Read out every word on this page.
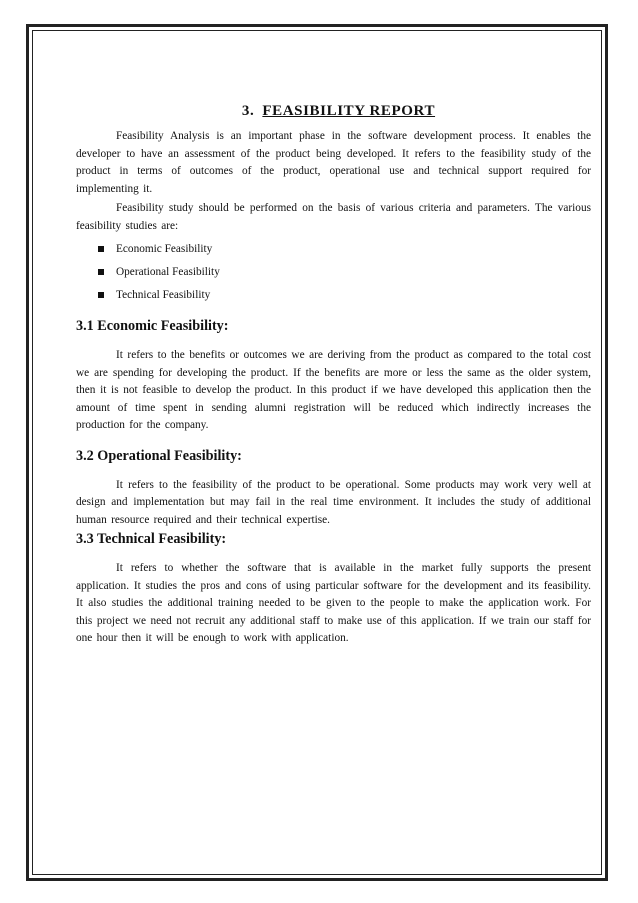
3. FEASIBILITY REPORT

Feasibility Analysis is an important phase in the software development process. It enables the developer to have an assessment of the product being developed. It refers to the feasibility study of the product in terms of outcomes of the product, operational use and technical support required for implementing it.

Feasibility study should be performed on the basis of various criteria and parameters. The various feasibility studies are:

Economic Feasibility
Operational Feasibility
Technical Feasibility
3.1 Economic Feasibility:

It refers to the benefits or outcomes we are deriving from the product as compared to the total cost we are spending for developing the product. If the benefits are more or less the same as the older system, then it is not feasible to develop the product. In this product if we have developed this application then the amount of time spent in sending alumni registration will be reduced which indirectly increases the production for the company.

3.2 Operational Feasibility:

It refers to the feasibility of the product to be operational. Some products may work very well at design and implementation but may fail in the real time environment. It includes the study of additional human resource required and their technical expertise.

3.3 Technical Feasibility:

It refers to whether the software that is available in the market fully supports the present application. It studies the pros and cons of using particular software for the development and its feasibility. It also studies the additional training needed to be given to the people to make the application work. For this project we need not recruit any additional staff to make use of this application. If we train our staff for one hour then it will be enough to work with application.
